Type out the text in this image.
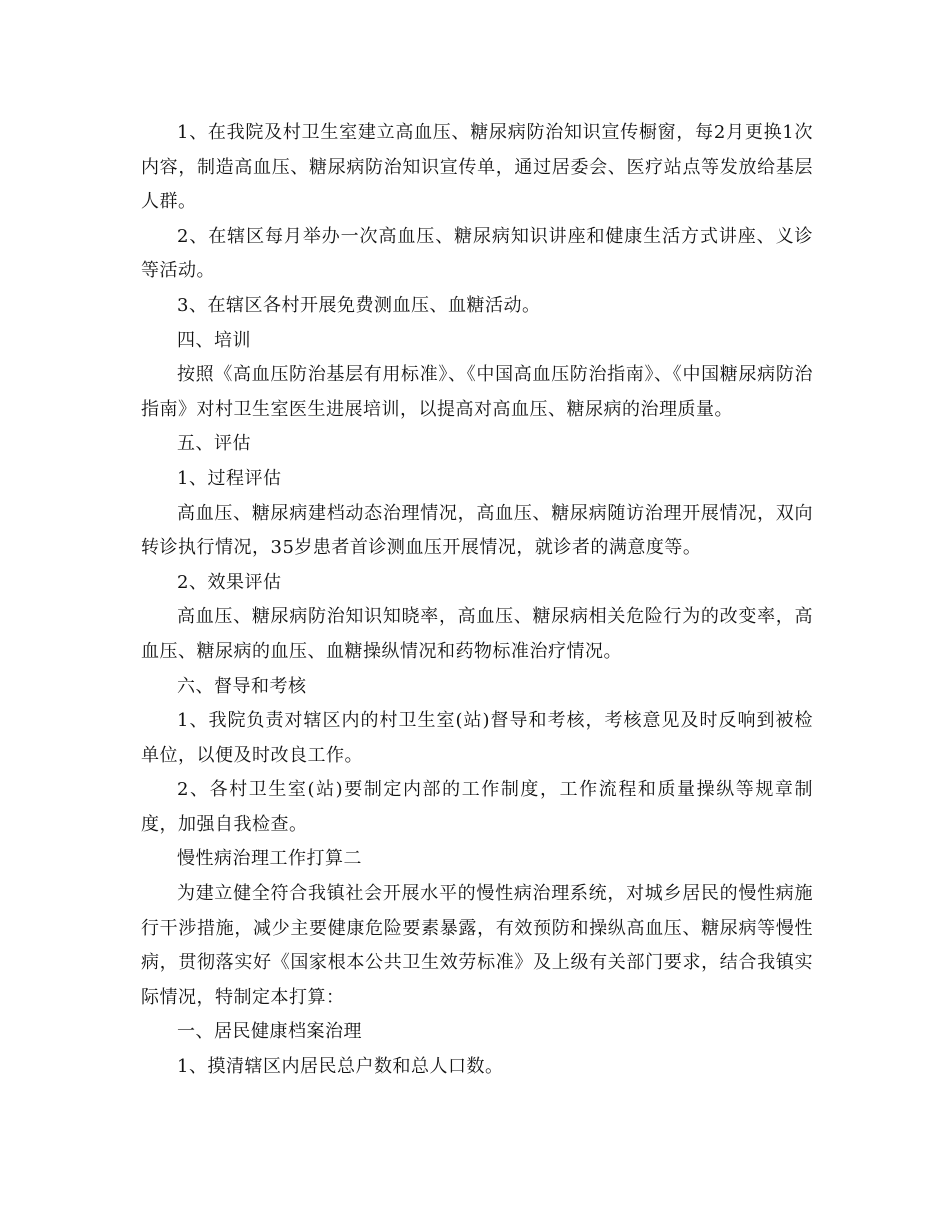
1、在我院及村卫生室建立高血压、糖尿病防治知识宣传橱窗，每2月更换1次内容，制造高血压、糖尿病防治知识宣传单，通过居委会、医疗站点等发放给基层人群。

2、在辖区每月举办一次高血压、糖尿病知识讲座和健康生活方式讲座、义诊等活动。

3、在辖区各村开展免费测血压、血糖活动。

四、培训

按照《高血压防治基层有用标准》、《中国高血压防治指南》、《中国糖尿病防治指南》对村卫生室医生进展培训，以提高对高血压、糖尿病的治理质量。

五、评估

1、过程评估

高血压、糖尿病建档动态治理情况，高血压、糖尿病随访治理开展情况，双向转诊执行情况，35岁患者首诊测血压开展情况，就诊者的满意度等。

2、效果评估

高血压、糖尿病防治知识知晓率，高血压、糖尿病相关危险行为的改变率，高血压、糖尿病的血压、血糖操纵情况和药物标准治疗情况。

六、督导和考核

1、我院负责对辖区内的村卫生室(站)督导和考核，考核意见及时反响到被检单位，以便及时改良工作。

2、各村卫生室(站)要制定内部的工作制度，工作流程和质量操纵等规章制度，加强自我检查。

慢性病治理工作打算二

为建立健全符合我镇社会开展水平的慢性病治理系统，对城乡居民的慢性病施行干涉措施，减少主要健康危险要素暴露，有效预防和操纵高血压、糖尿病等慢性病，贯彻落实好《国家根本公共卫生效劳标准》及上级有关部门要求，结合我镇实际情况，特制定本打算：

一、居民健康档案治理

1、摸清辖区内居民总户数和总人口数。
